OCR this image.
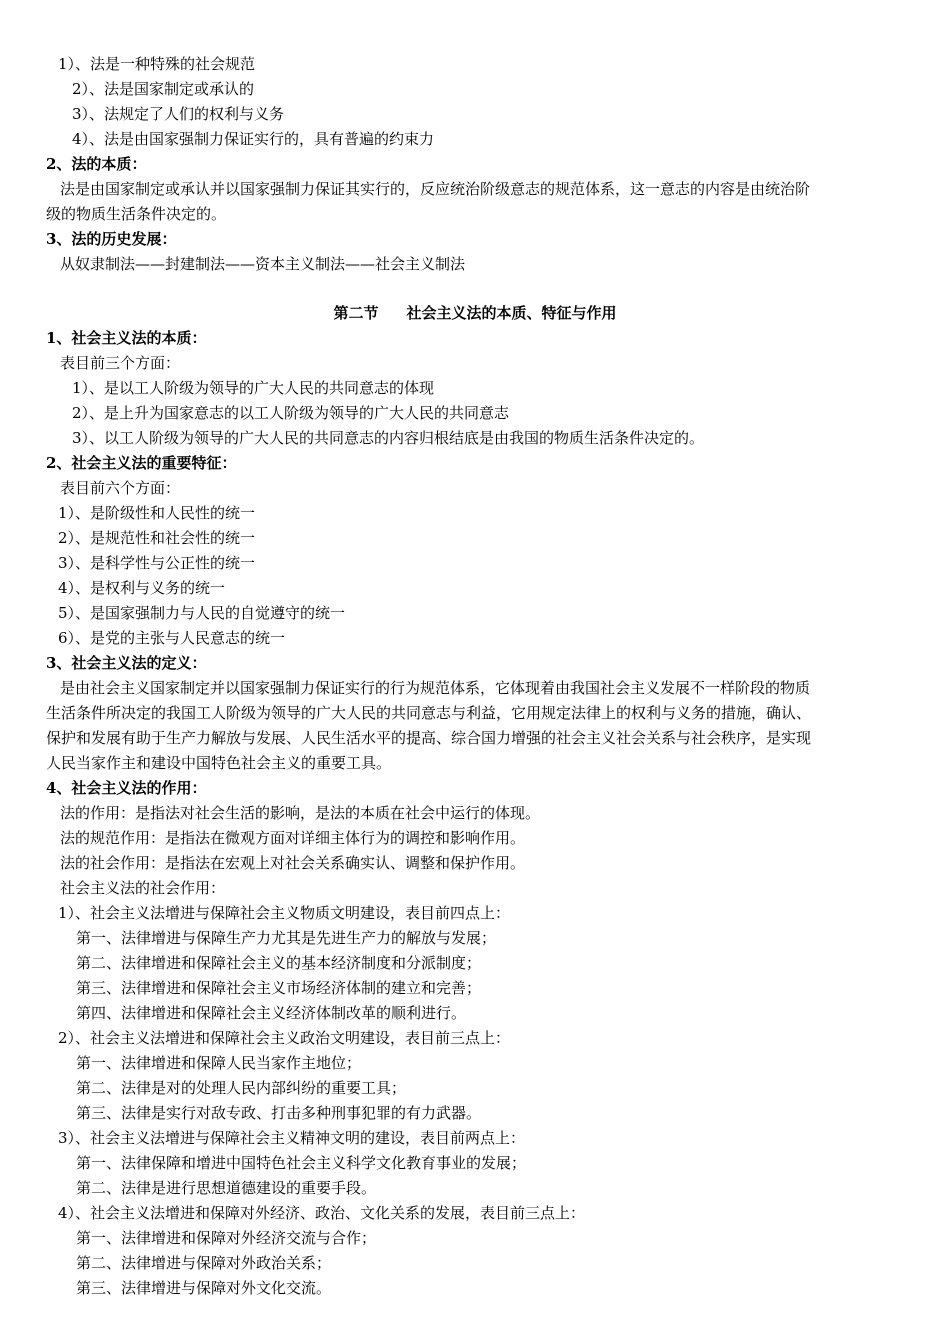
1）、法是一种特殊的社会规范
2）、法是国家制定或承认的
3）、法规定了人们的权利与义务
4）、法是由国家强制力保证实行的，具有普遍的约束力
2、法的本质：
法是由国家制定或承认并以国家强制力保证其实行的，反应统治阶级意志的规范体系，这一意志的内容是由统治阶
级的物质生活条件决定的。
3、法的历史发展：
从奴隶制法——封建制法——资本主义制法——社会主义制法
第二节 社会主义法的本质、特征与作用
1、社会主义法的本质：
表目前三个方面：
1）、是以工人阶级为领导的广大人民的共同意志的体现
2）、是上升为国家意志的以工人阶级为领导的广大人民的共同意志
3）、以工人阶级为领导的广大人民的共同意志的内容归根结底是由我国的物质生活条件决定的。
2、社会主义法的重要特征：
表目前六个方面：
1）、是阶级性和人民性的统一
2）、是规范性和社会性的统一
3）、是科学性与公正性的统一
4）、是权利与义务的统一
5）、是国家强制力与人民的自觉遵守的统一
6）、是党的主张与人民意志的统一
3、社会主义法的定义：
是由社会主义国家制定并以国家强制力保证实行的行为规范体系，它体现着由我国社会主义发展不一样阶段的物质
生活条件所决定的我国工人阶级为领导的广大人民的共同意志与利益，它用规定法律上的权利与义务的措施，确认、
保护和发展有助于生产力解放与发展、人民生活水平的提高、综合国力增强的社会主义社会关系与社会秩序，是实现
人民当家作主和建设中国特色社会主义的重要工具。
4、社会主义法的作用：
法的作用：是指法对社会生活的影响，是法的本质在社会中运行的体现。
法的规范作用：是指法在微观方面对详细主体行为的调控和影响作用。
法的社会作用：是指法在宏观上对社会关系确实认、调整和保护作用。
社会主义法的社会作用：
1）、社会主义法增进与保障社会主义物质文明建设，表目前四点上：
第一、法律增进与保障生产力尤其是先进生产力的解放与发展；
第二、法律增进和保障社会主义的基本经济制度和分派制度；
第三、法律增进和保障社会主义市场经济体制的建立和完善；
第四、法律增进和保障社会主义经济体制改革的顺利进行。
2）、社会主义法增进和保障社会主义政治文明建设，表目前三点上：
第一、法律增进和保障人民当家作主地位；
第二、法律是对的处理人民内部纠纷的重要工具；
第三、法律是实行对敌专政、打击多种刑事犯罪的有力武器。
3）、社会主义法增进与保障社会主义精神文明的建设，表目前两点上：
第一、法律保障和增进中国特色社会主义科学文化教育事业的发展；
第二、法律是进行思想道德建设的重要手段。
4）、社会主义法增进和保障对外经济、政治、文化关系的发展，表目前三点上：
第一、法律增进和保障对外经济交流与合作；
第二、法律增进与保障对外政治关系；
第三、法律增进与保障对外文化交流。
